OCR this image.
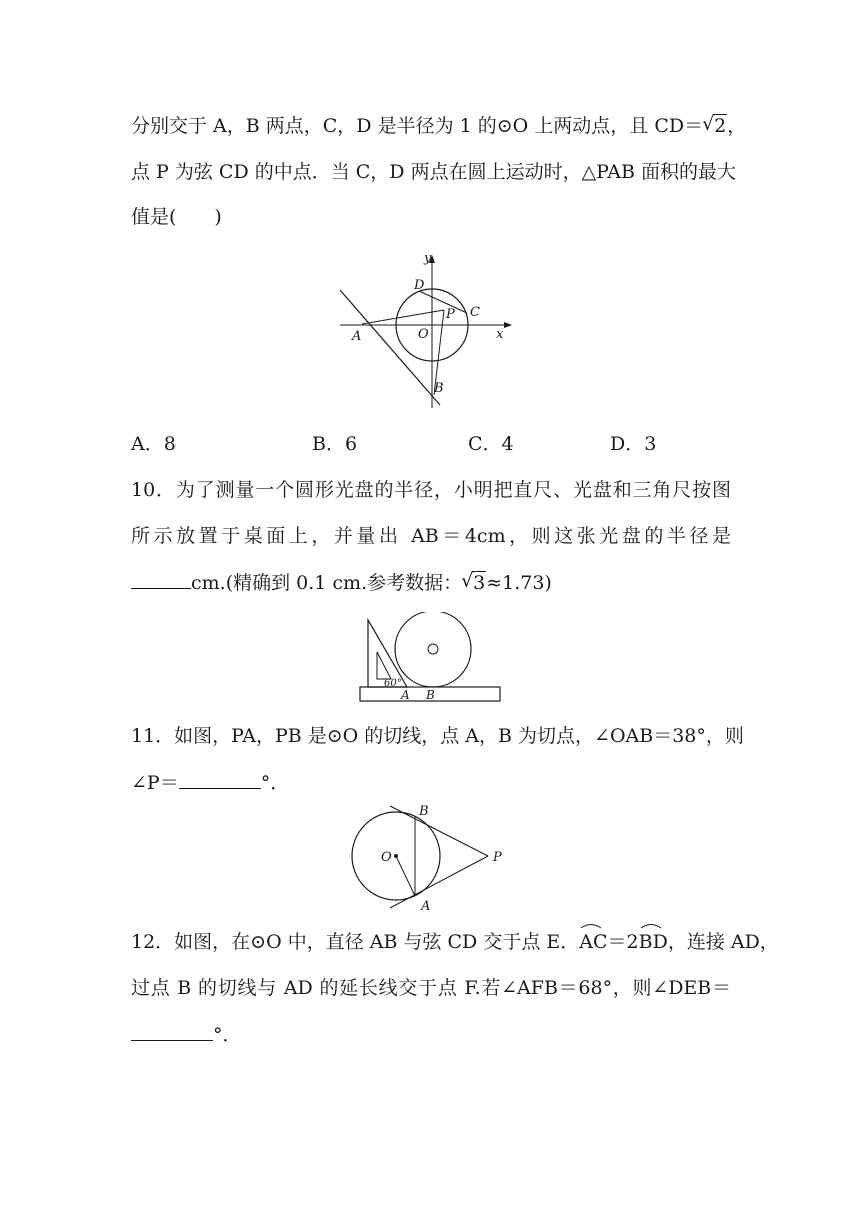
分别交于 A，B 两点，C，D 是半径为 1 的⊙O 上两动点，且 CD＝ √ 2，
点 P 为弦 CD 的中点．当 C，D 两点在圆上运动时，△PAB 面积的最大
值是(　　)
y
x
D
P C
O
A
B
A．8	B．6	C．4	D．3
10．为了测量一个圆形光盘的半径，小明把直尺、光盘和三角尺按图
所示放置于桌面上，并量出 AB＝4cm，则这张光盘的半径是
cm.(精确到 0.1 cm.参考数据： √ 3≈1.73)
60°
A B
11．如图，PA，PB 是⊙O 的切线，点 A，B 为切点，∠OAB＝38°，则
∠P＝	°．
B
O	P
A
12．如图，在⊙O 中，直径 AB 与弦 CD 交于点 E．
AC＝2
BD，连接 AD，
过点 B 的切线与 AD 的延长线交于点 F.若∠AFB＝68°，则∠DEB＝
°．
